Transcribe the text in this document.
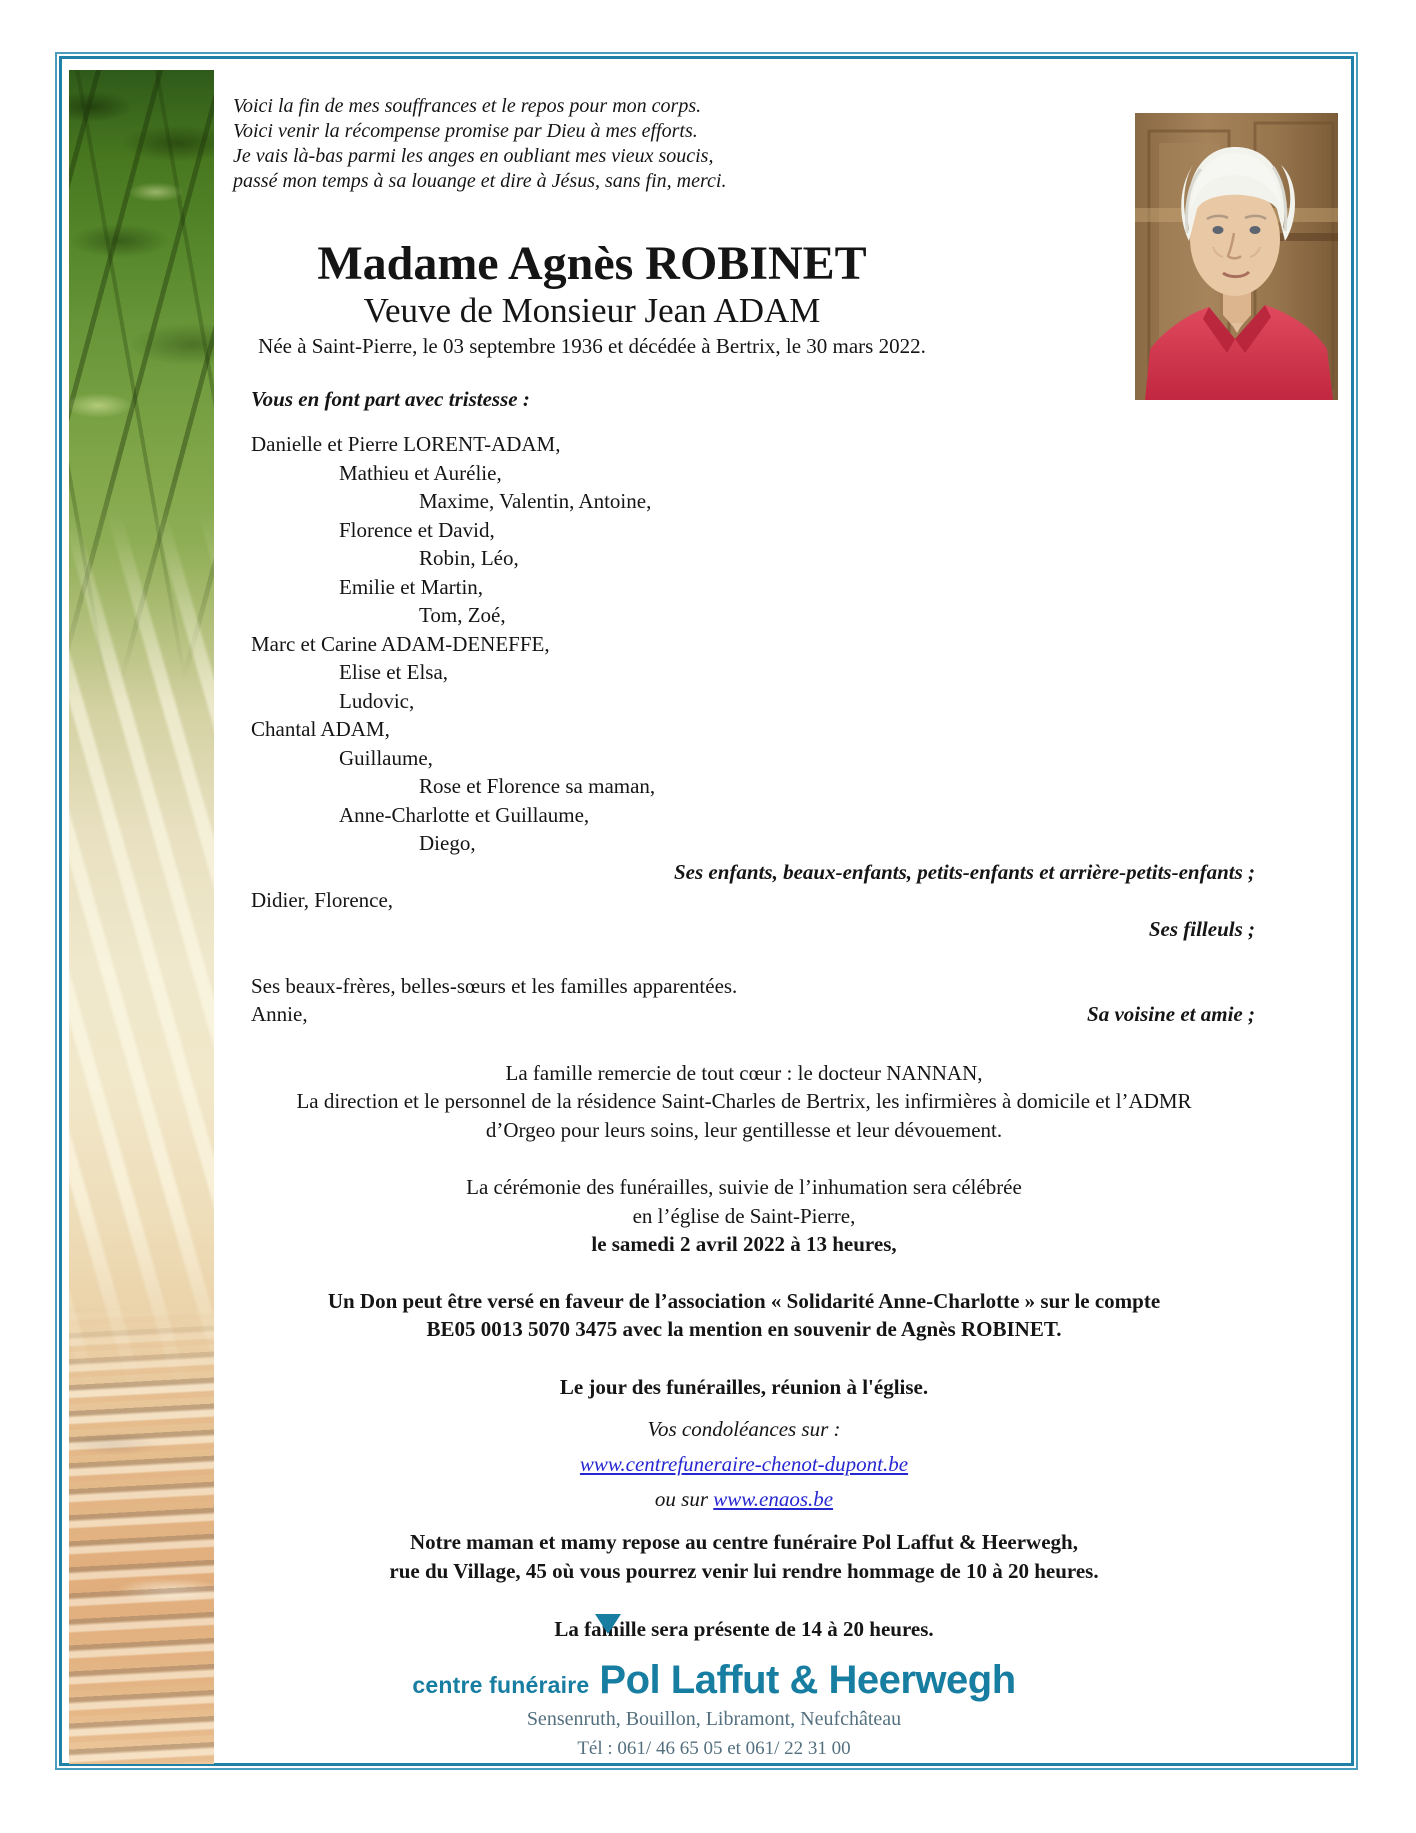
Voici la fin de mes souffrances et le repos pour mon corps.
Voici venir la récompense promise par Dieu à mes efforts.
Je vais là-bas parmi les anges en oubliant mes vieux soucis,
passé mon temps à sa louange et dire à Jésus, sans fin, merci.
Madame Agnès ROBINET
Veuve de Monsieur Jean ADAM
Née à Saint-Pierre, le 03 septembre 1936 et décédée à Bertrix, le 30 mars 2022.
Vous en font part avec tristesse :
Danielle et Pierre LORENT-ADAM,
Mathieu et Aurélie,
Maxime, Valentin, Antoine,
Florence et David,
Robin, Léo,
Emilie et Martin,
Tom, Zoé,
Marc et Carine ADAM-DENEFFE,
Elise et Elsa,
Ludovic,
Chantal ADAM,
Guillaume,
Rose et Florence sa maman,
Anne-Charlotte et Guillaume,
Diego,
Ses enfants, beaux-enfants, petits-enfants et arrière-petits-enfants ;
Didier, Florence,
Ses filleuls ;
Ses beaux-frères, belles-sœurs et les familles apparentées.
Annie,	Sa voisine et amie ;
La famille remercie de tout cœur : le docteur NANNAN,
La direction et le personnel de la résidence Saint-Charles de Bertrix, les infirmières à domicile et l’ADMR
d’Orgeo pour leurs soins, leur gentillesse et leur dévouement.
La cérémonie des funérailles, suivie de l’inhumation sera célébrée
en l’église de Saint-Pierre,
le samedi 2 avril 2022 à 13 heures,
Un Don peut être versé en faveur de l’association « Solidarité Anne-Charlotte » sur le compte
BE05 0013 5070 3475 avec la mention en souvenir de Agnès ROBINET.
Le jour des funérailles, réunion à l'église.
Vos condoléances sur :
www.centrefuneraire-chenot-dupont.be
ou sur www.enaos.be
Notre maman et mamy repose au centre funéraire Pol Laffut & Heerwegh,
rue du Village, 45 où vous pourrez venir lui rendre hommage de 10 à 20 heures.
La famille sera présente de 14 à 20 heures.
centre funéraire Pol Laffut & Heerwegh
Sensenruth, Bouillon, Libramont, Neufchâteau
Tél : 061/ 46 65 05 et 061/ 22 31 00
